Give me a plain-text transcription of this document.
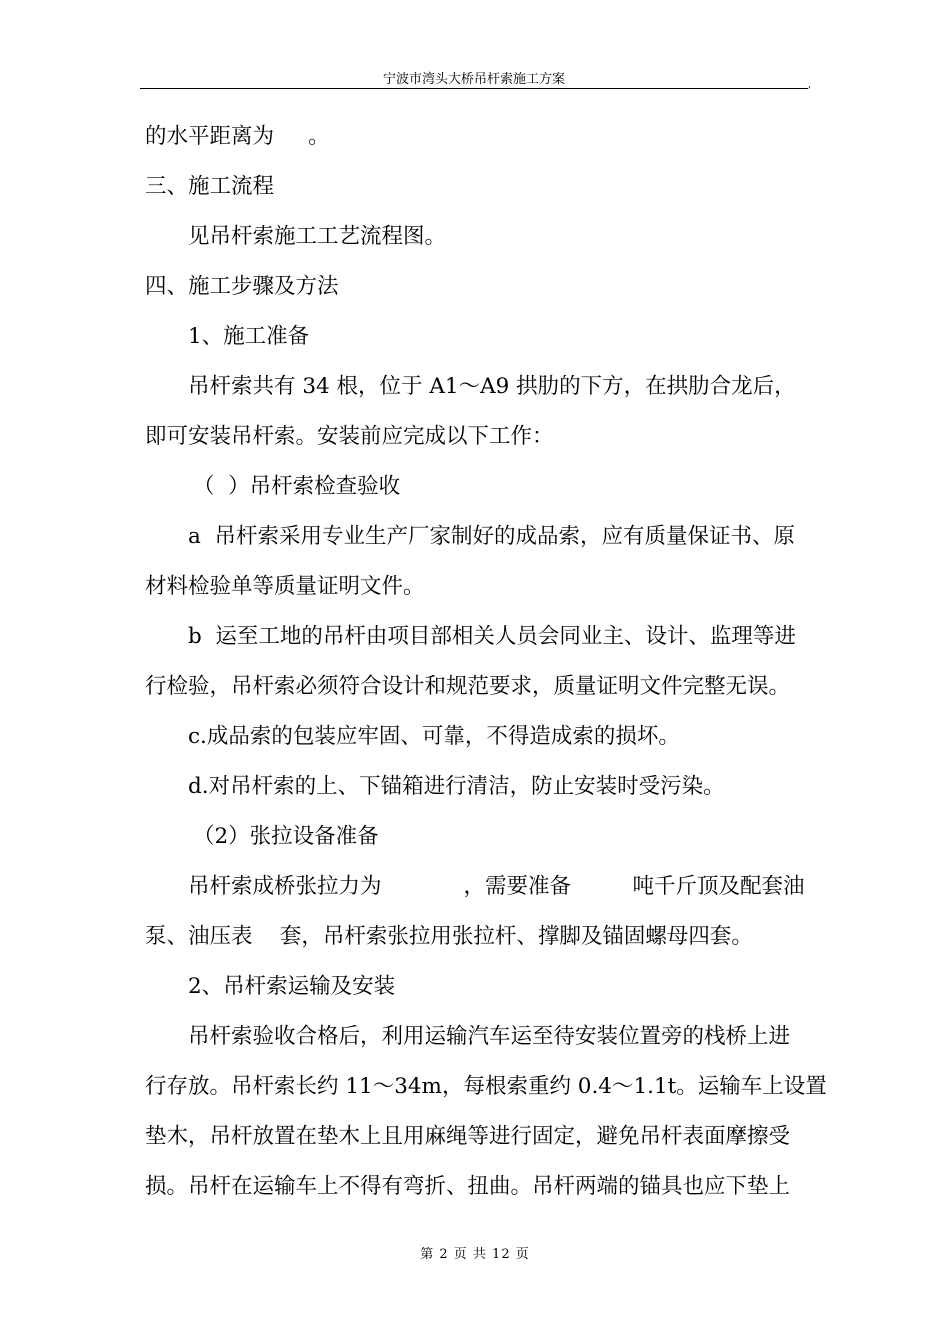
宁波市湾头大桥吊杆索施工方案	,
的水平距离为     。
三、施工流程
见吊杆索施工工艺流程图。
四、施工步骤及方法
1、施工准备
吊杆索共有 34 根，位于 A1～A9 拱肋的下方，在拱肋合龙后，
即可安装吊杆索。安装前应完成以下工作：
（  ）吊杆索检查验收
a  吊杆索采用专业生产厂家制好的成品索，应有质量保证书、原
材料检验单等质量证明文件。
b  运至工地的吊杆由项目部相关人员会同业主、设计、监理等进
行检验，吊杆索必须符合设计和规范要求，质量证明文件完整无误。
c.成品索的包装应牢固、可靠，不得造成索的损坏。
d.对吊杆索的上、下锚箱进行清洁，防止安装时受污染。
（2）张拉设备准备
吊杆索成桥张拉力为            ，需要准备         吨千斤顶及配套油
泵、油压表    套，吊杆索张拉用张拉杆、撑脚及锚固螺母四套。
2、吊杆索运输及安装
吊杆索验收合格后，利用运输汽车运至待安装位置旁的栈桥上进
行存放。吊杆索长约 11～34m，每根索重约 0.4～1.1t。运输车上设置
垫木，吊杆放置在垫木上且用麻绳等进行固定，避免吊杆表面摩擦受
损。吊杆在运输车上不得有弯折、扭曲。吊杆两端的锚具也应下垫上
第 2 页 共 12 页
